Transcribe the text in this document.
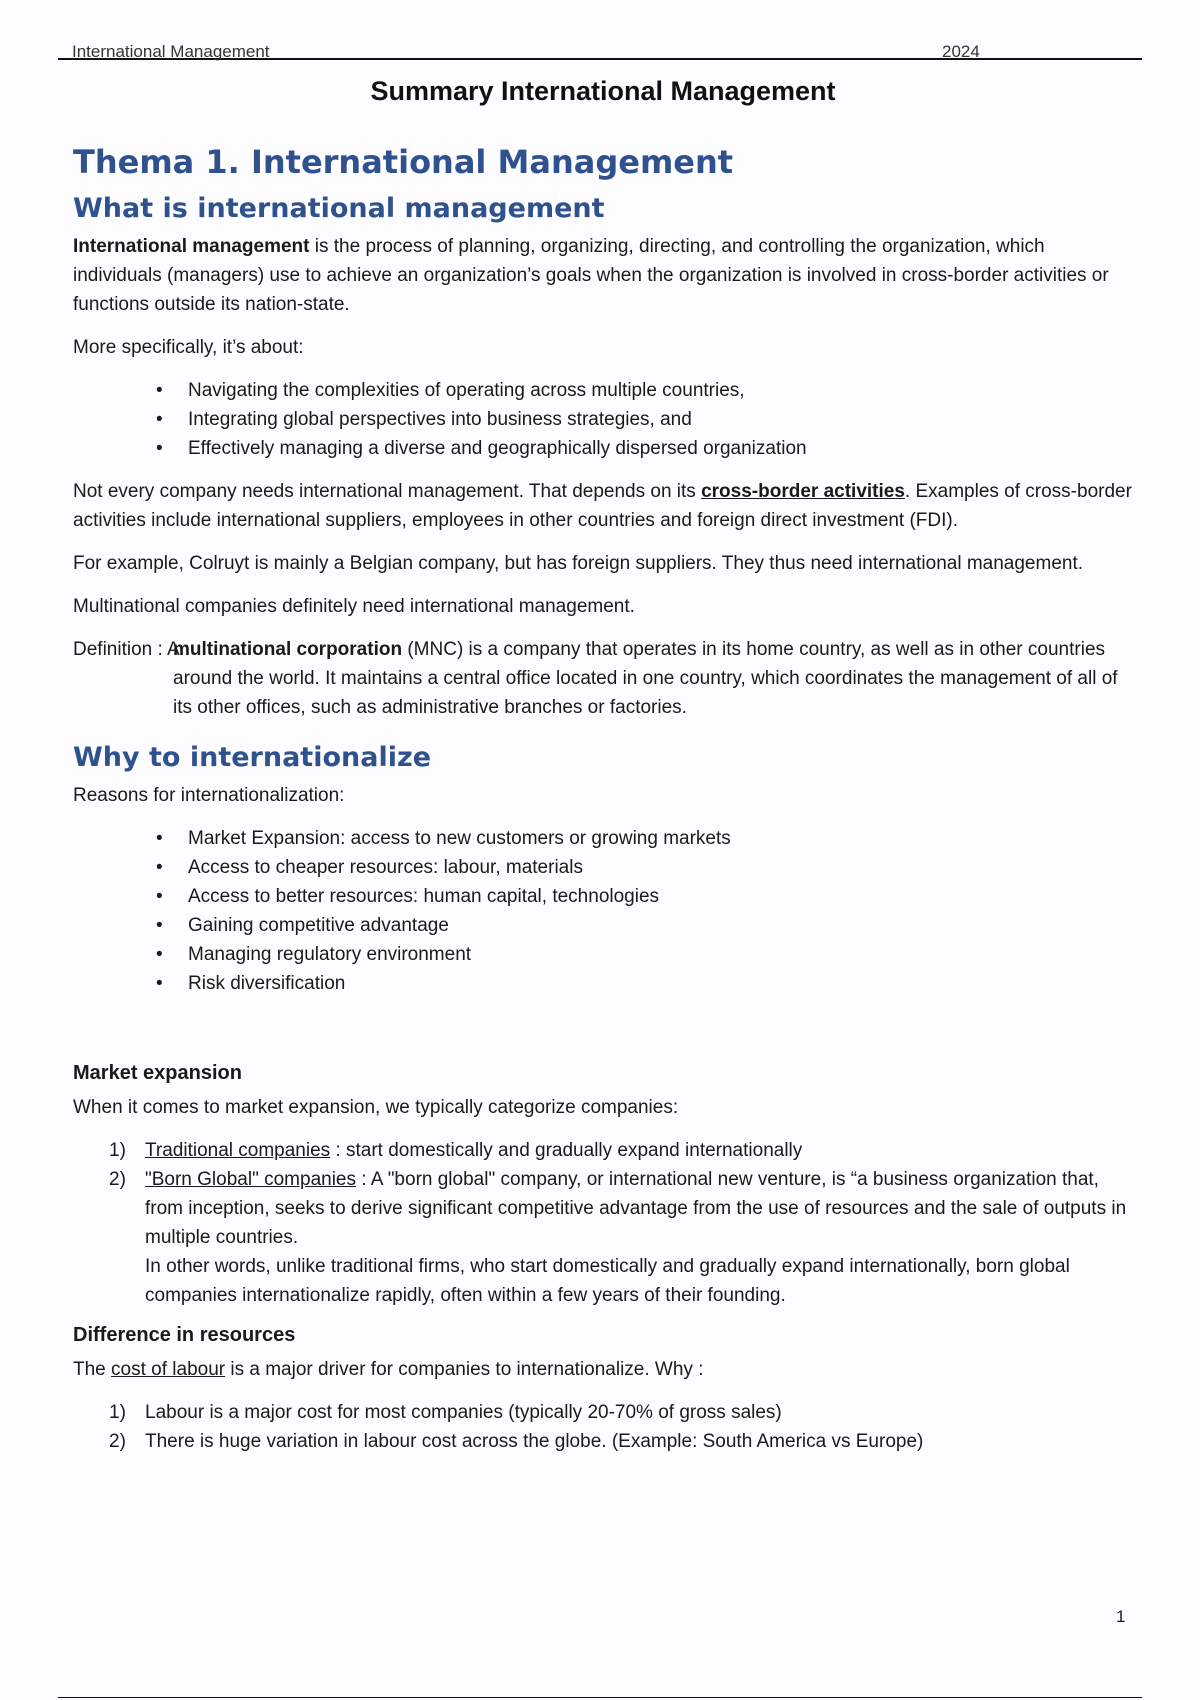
International Management	2024
Summary International Management
Thema 1. International Management
What is international management

International management is the process of planning, organizing, directing, and controlling the organization, which individuals (managers) use to achieve an organization’s goals when the organization is involved in cross-border activities or functions outside its nation-state.

More specifically, it’s about:

• Navigating the complexities of operating across multiple countries,
• Integrating global perspectives into business strategies, and
• Effectively managing a diverse and geographically dispersed organization

Not every company needs international management. That depends on its cross-border activities. Examples of cross-border activities include international suppliers, employees in other countries and foreign direct investment (FDI).

For example, Colruyt is mainly a Belgian company, but has foreign suppliers. They thus need international management.

Multinational companies definitely need international management.

Definition : A
multinational corporation (MNC) is a company that operates in its home country, as well as in other countries around the world. It maintains a central office located in one country, which coordinates the management of all of its other offices, such as administrative branches or factories.
Why to internationalize

Reasons for internationalization:

• Market Expansion: access to new customers or growing markets
• Access to cheaper resources: labour, materials
• Access to better resources: human capital, technologies
• Gaining competitive advantage
• Managing regulatory environment
• Risk diversification
Market expansion

When it comes to market expansion, we typically categorize companies:

1) Traditional companies : start domestically and gradually expand internationally
2) "Born Global" companies : A "born global" company, or international new venture, is “a business organization that, from inception, seeks to derive significant competitive advantage from the use of resources and the sale of outputs in multiple countries.
In other words, unlike traditional firms, who start domestically and gradually expand internationally, born global companies internationalize rapidly, often within a few years of their founding.
Difference in resources

The cost of labour is a major driver for companies to internationalize. Why :

1) Labour is a major cost for most companies (typically 20-70% of gross sales)
2) There is huge variation in labour cost across the globe. (Example: South America vs Europe)
1
